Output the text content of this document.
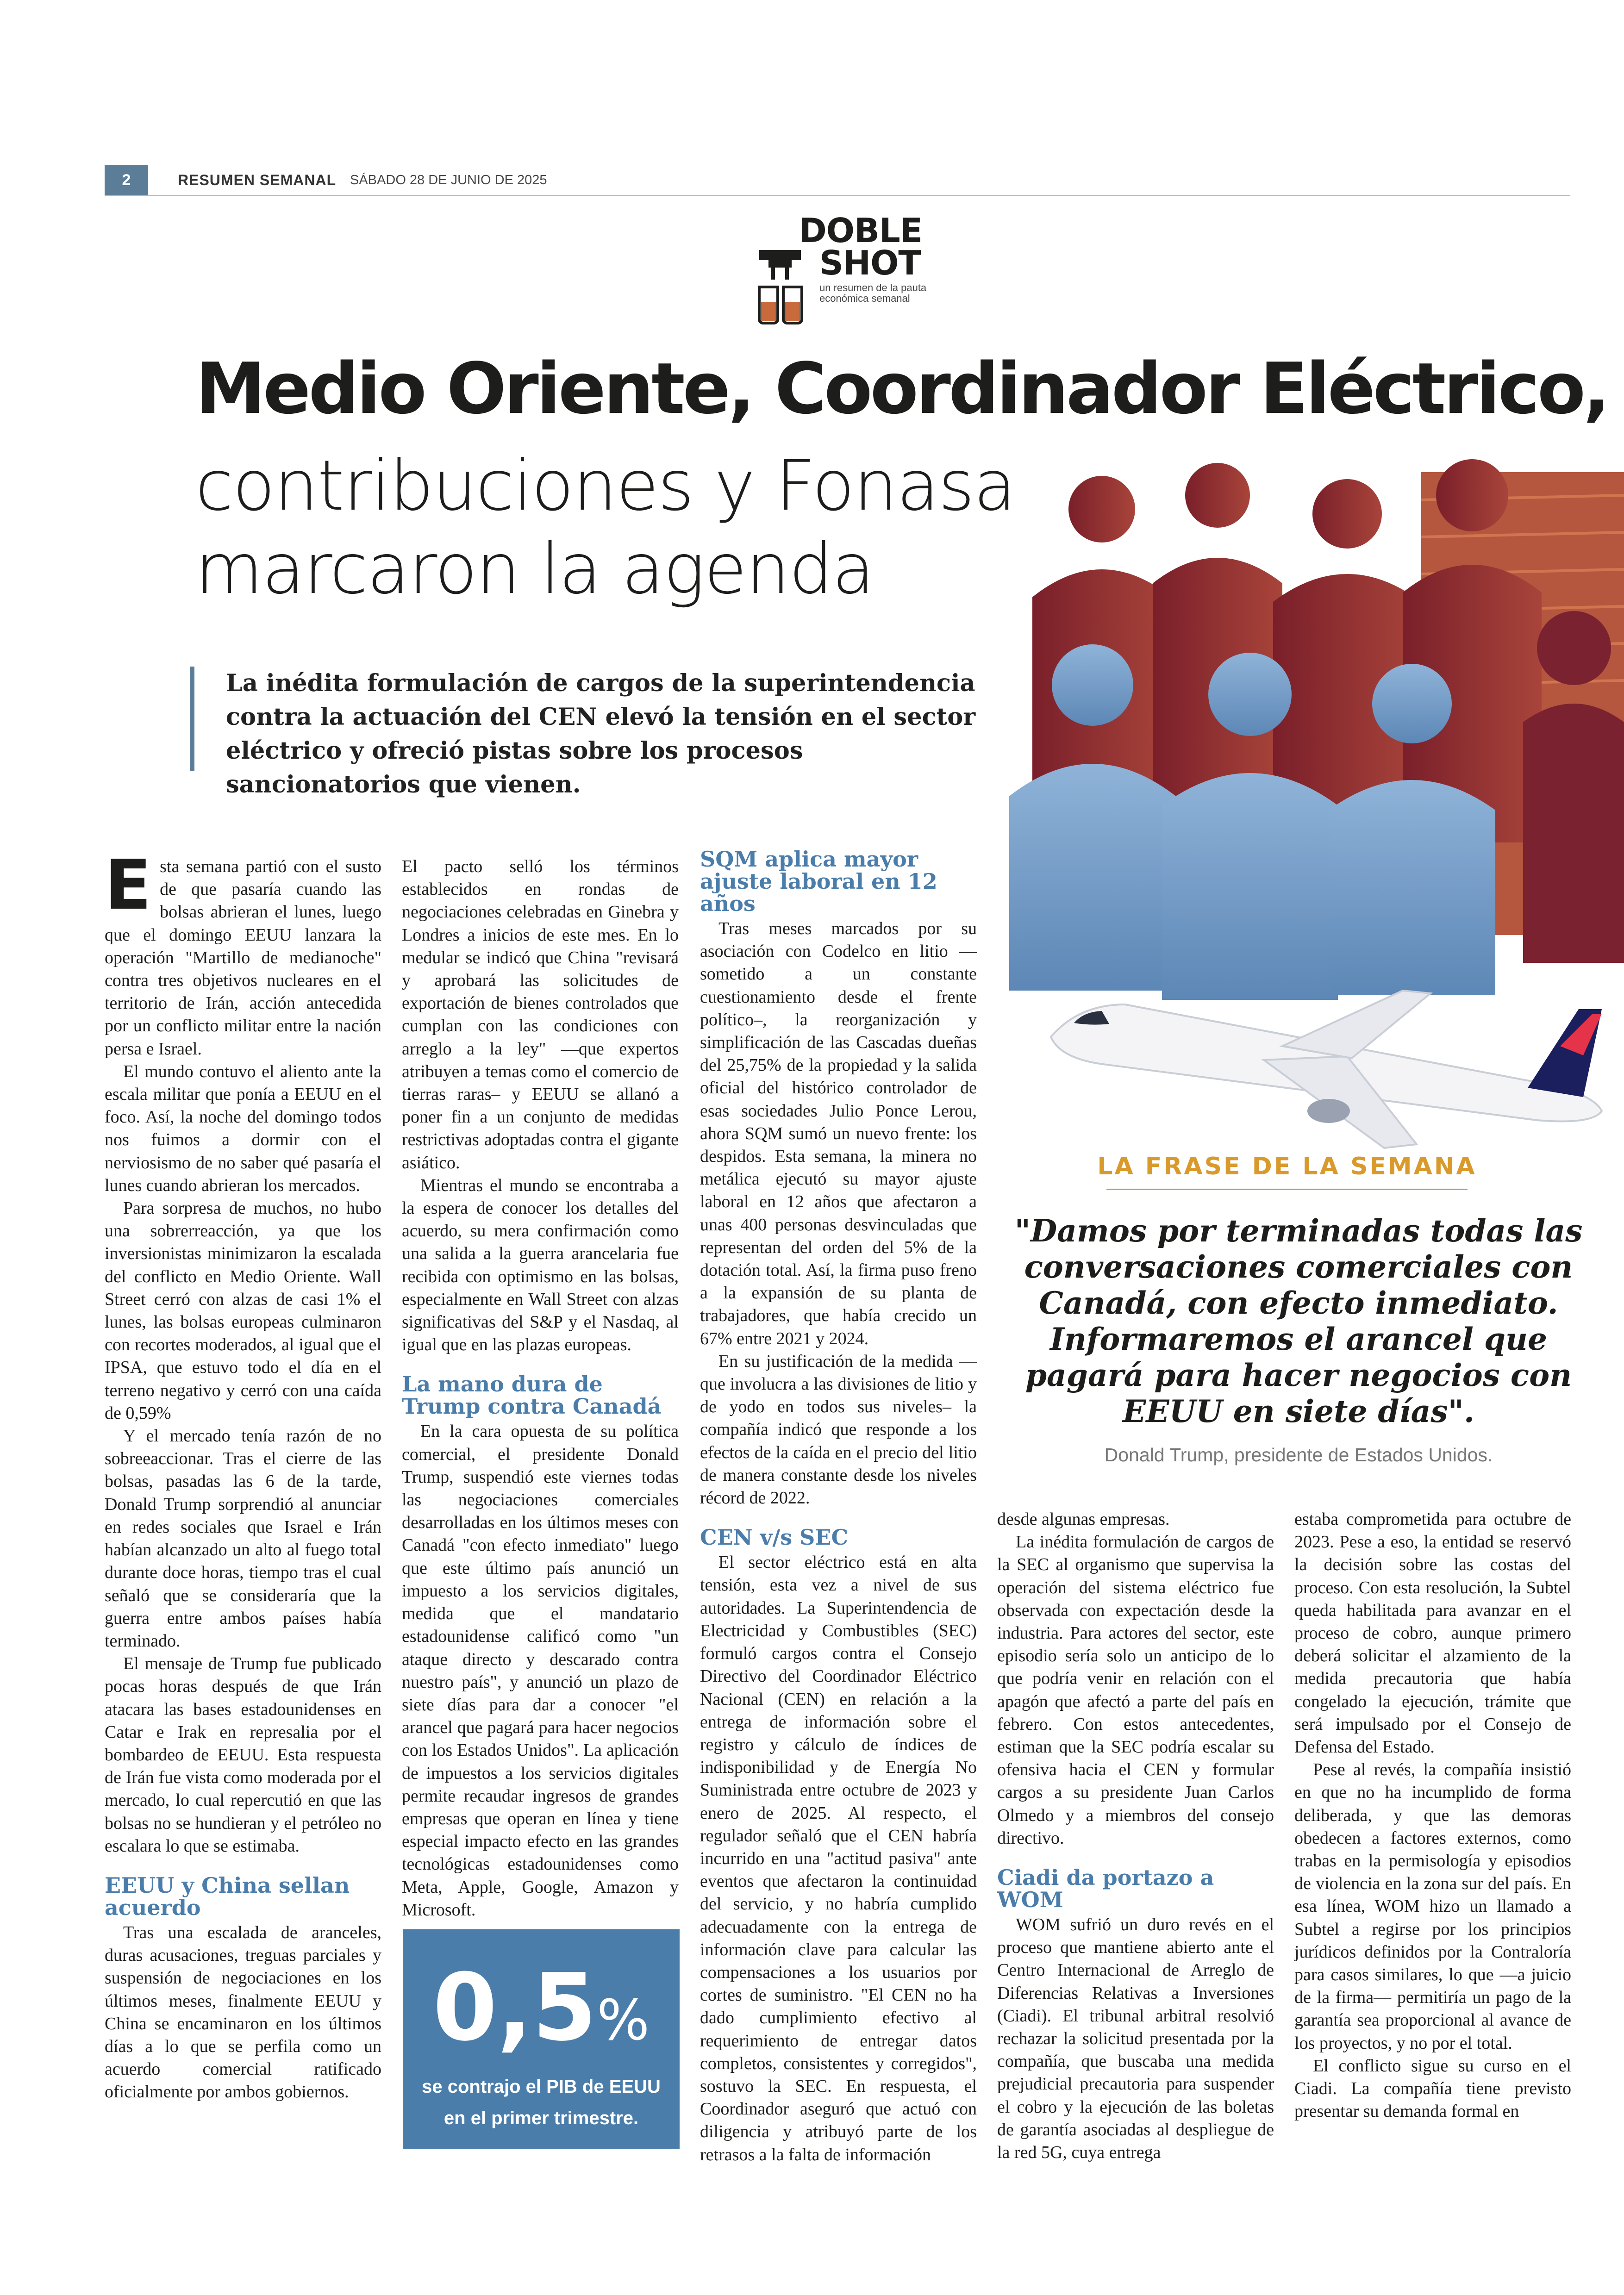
2	RESUMEN SEMANAL SÁBADO 28 DE JUNIO DE 2025
DOBLE
SHOT
un resumen de la pauta económica semanal
Medio Oriente, Coordinador Eléctrico,
contribuciones y Fonasa
marcaron la agenda
La inédita formulación de cargos de la superintendencia contra la actuación del CEN elevó la tensión en el sector eléctrico y ofreció pistas sobre los procesos sancionatorios que vienen.
LA FRASE DE LA SEMANA
"Damos por terminadas todas las conversaciones comerciales con Canadá, con efecto inmediato. Informaremos el arancel que pagará para hacer negocios con EEUU en siete días".
Donald Trump, presidente de Estados Unidos.

Esta semana partió con el susto de que pasaría cuando las bolsas abrieran el lunes, luego que el domingo EEUU lanzara la operación "Martillo de medianoche" contra tres objetivos nucleares en el territorio de Irán, acción antecedida por un conflicto militar entre la nación persa e Israel.

El mundo contuvo el aliento ante la escala militar que ponía a EEUU en el foco. Así, la noche del domingo todos nos fuimos a dormir con el nerviosismo de no saber qué pasaría el lunes cuando abrieran los mercados.

Para sorpresa de muchos, no hubo una sobrerreacción, ya que los inversionistas minimizaron la escalada del conflicto en Medio Oriente. Wall Street cerró con alzas de casi 1% el lunes, las bolsas europeas culminaron con recortes moderados, al igual que el IPSA, que estuvo todo el día en el terreno negativo y cerró con una caída de 0,59%

Y el mercado tenía razón de no sobreeaccionar. Tras el cierre de las bolsas, pasadas las 6 de la tarde, Donald Trump sorprendió al anunciar en redes sociales que Israel e Irán habían alcanzado un alto al fuego total durante doce horas, tiempo tras el cual señaló que se consideraría que la guerra entre ambos países había terminado.

El mensaje de Trump fue publicado pocas horas después de que Irán atacara las bases estadounidenses en Catar e Irak en represalia por el bombardeo de EEUU. Esta respuesta de Irán fue vista como moderada por el mercado, lo cual repercutió en que las bolsas no se hundieran y el petróleo no escalara lo que se estimaba.

EEUU y China sellan acuerdo

Tras una escalada de aranceles, duras acusaciones, treguas parciales y suspensión de negociaciones en los últimos meses, finalmente EEUU y China se encaminaron en los últimos días a lo que se perfila como un acuerdo comercial ratificado oficialmente por ambos gobiernos.

El pacto selló los términos establecidos en rondas de negociaciones celebradas en Ginebra y Londres a inicios de este mes. En lo medular se indicó que China "revisará y aprobará las solicitudes de exportación de bienes controlados que cumplan con las condiciones con arreglo a la ley" —que expertos atribuyen a temas como el comercio de tierras raras– y EEUU se allanó a poner fin a un conjunto de medidas restrictivas adoptadas contra el gigante asiático.

Mientras el mundo se encontraba a la espera de conocer los detalles del acuerdo, su mera confirmación como una salida a la guerra arancelaria fue recibida con optimismo en las bolsas, especialmente en Wall Street con alzas significativas del S&P y el Nasdaq, al igual que en las plazas europeas.

La mano dura de Trump contra Canadá

En la cara opuesta de su política comercial, el presidente Donald Trump, suspendió este viernes todas las negociaciones comerciales desarrolladas en los últimos meses con Canadá "con efecto inmediato" luego que este último país anunció un impuesto a los servicios digitales, medida que el mandatario estadounidense calificó como "un ataque directo y descarado contra nuestro país", y anunció un plazo de siete días para dar a conocer "el arancel que pagará para hacer negocios con los Estados Unidos". La aplicación de impuestos a los servicios digitales permite recaudar ingresos de grandes empresas que operan en línea y tiene especial impacto efecto en las grandes tecnológicas estadounidenses como Meta, Apple, Google, Amazon y Microsoft.

0,5%
se contrajo el PIB de EEUU en el primer trimestre.
SQM aplica mayor ajuste laboral en 12 años

Tras meses marcados por su asociación con Codelco en litio —sometido a un constante cuestionamiento desde el frente político–, la reorganización y simplificación de las Cascadas dueñas del 25,75% de la propiedad y la salida oficial del histórico controlador de esas sociedades Julio Ponce Lerou, ahora SQM sumó un nuevo frente: los despidos. Esta semana, la minera no metálica ejecutó su mayor ajuste laboral en 12 años que afectaron a unas 400 personas desvinculadas que representan del orden del 5% de la dotación total. Así, la firma puso freno a la expansión de su planta de trabajadores, que había crecido un 67% entre 2021 y 2024.

En su justificación de la medida —que involucra a las divisiones de litio y de yodo en todos sus niveles– la compañía indicó que responde a los efectos de la caída en el precio del litio de manera constante desde los niveles récord de 2022.

CEN v/s SEC

El sector eléctrico está en alta tensión, esta vez a nivel de sus autoridades. La Superintendencia de Electricidad y Combustibles (SEC) formuló cargos contra el Consejo Directivo del Coordinador Eléctrico Nacional (CEN) en relación a la entrega de información sobre el registro y cálculo de índices de indisponibilidad y de Energía No Suministrada entre octubre de 2023 y enero de 2025. Al respecto, el regulador señaló que el CEN habría incurrido en una "actitud pasiva" ante eventos que afectaron la continuidad del servicio, y no habría cumplido adecuadamente con la entrega de información clave para calcular las compensaciones a los usuarios por cortes de suministro. "El CEN no ha dado cumplimiento efectivo al requerimiento de entregar datos completos, consistentes y corregidos", sostuvo la SEC. En respuesta, el Coordinador aseguró que actuó con diligencia y atribuyó parte de los retrasos a la falta de información

desde algunas empresas.

La inédita formulación de cargos de la SEC al organismo que supervisa la operación del sistema eléctrico fue observada con expectación desde la industria. Para actores del sector, este episodio sería solo un anticipo de lo que podría venir en relación con el apagón que afectó a parte del país en febrero. Con estos antecedentes, estiman que la SEC podría escalar su ofensiva hacia el CEN y formular cargos a su presidente Juan Carlos Olmedo y a miembros del consejo directivo.

Ciadi da portazo a WOM

WOM sufrió un duro revés en el proceso que mantiene abierto ante el Centro Internacional de Arreglo de Diferencias Relativas a Inversiones (Ciadi). El tribunal arbitral resolvió rechazar la solicitud presentada por la compañía, que buscaba una medida prejudicial precautoria para suspender el cobro y la ejecución de las boletas de garantía asociadas al despliegue de la red 5G, cuya entrega

estaba comprometida para octubre de 2023. Pese a eso, la entidad se reservó la decisión sobre las costas del proceso. Con esta resolución, la Subtel queda habilitada para avanzar en el proceso de cobro, aunque primero deberá solicitar el alzamiento de la medida precautoria que había congelado la ejecución, trámite que será impulsado por el Consejo de Defensa del Estado.

Pese al revés, la compañía insistió en que no ha incumplido de forma deliberada, y que las demoras obedecen a factores externos, como trabas en la permisología y episodios de violencia en la zona sur del país. En esa línea, WOM hizo un llamado a Subtel a regirse por los principios jurídicos definidos por la Contraloría para casos similares, lo que —a juicio de la firma— permitiría un pago de la garantía sea proporcional al avance de los proyectos, y no por el total.

El conflicto sigue su curso en el Ciadi. La compañía tiene previsto presentar su demanda formal en
